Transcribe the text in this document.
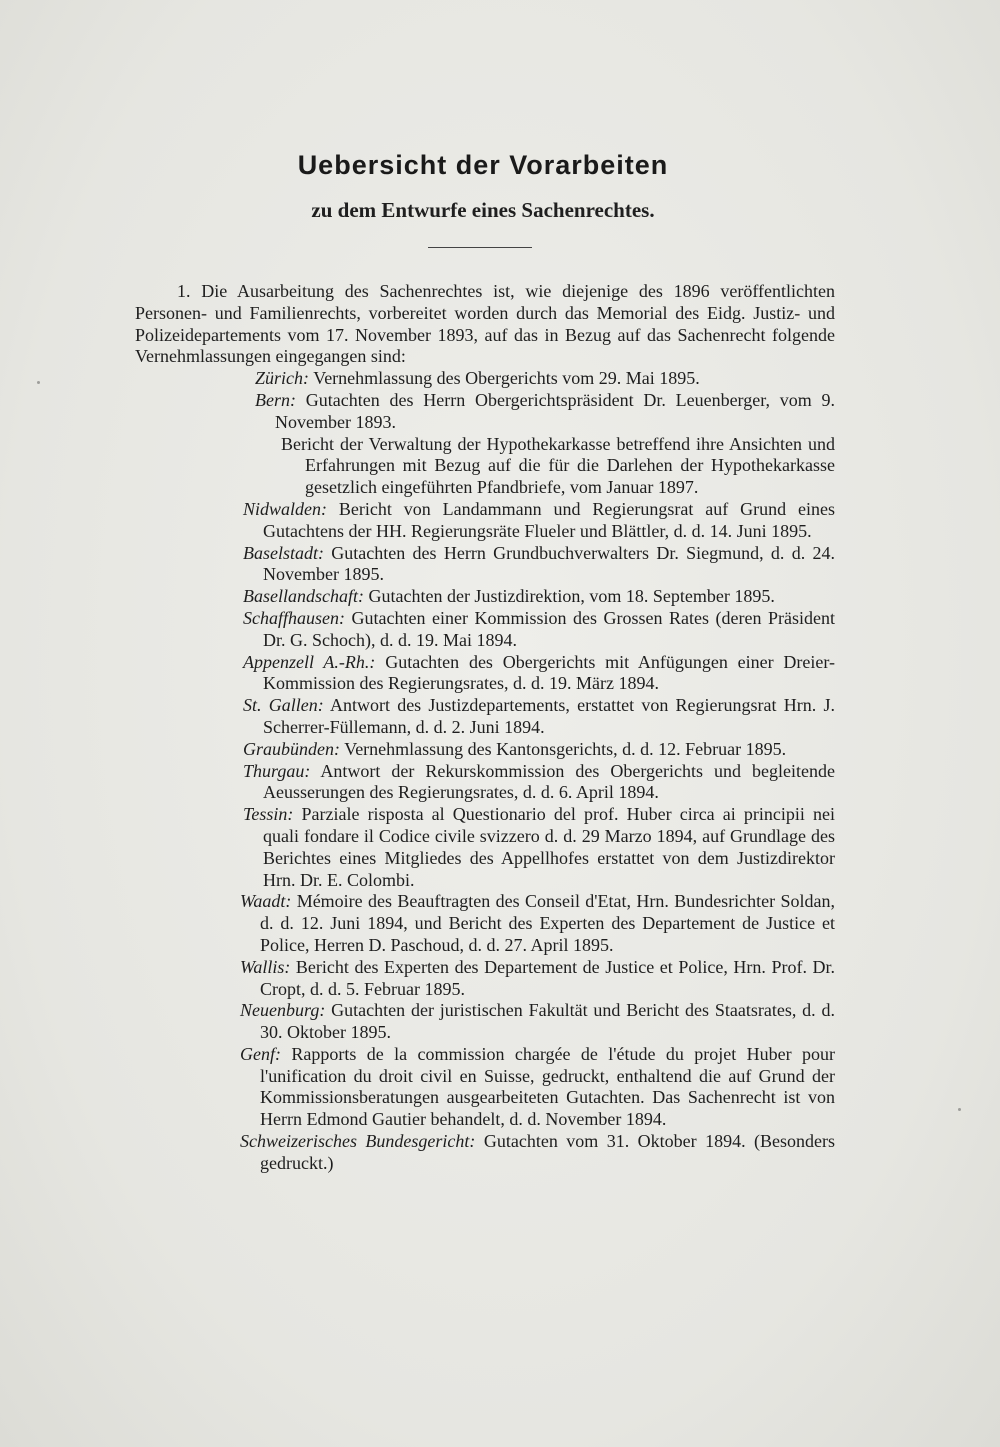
Uebersicht der Vorarbeiten
zu dem Entwurfe eines Sachenrechtes.

1. Die Ausarbeitung des Sachenrechtes ist, wie diejenige des 1896 veröffentlichten Personen- und Familienrechts, vorbereitet worden durch das Memorial des Eidg. Justiz- und Polizeidepartements vom 17. November 1893, auf das in Bezug auf das Sachenrecht folgende Vernehmlassungen eingegangen sind:

Zürich: Vernehmlassung des Obergerichts vom 29. Mai 1895.
Bern: Gutachten des Herrn Obergerichtspräsident Dr. Leuenberger, vom 9. November 1893.
Bericht der Verwaltung der Hypothekarkasse betreffend ihre Ansichten und Erfahrungen mit Bezug auf die für die Darlehen der Hypothekarkasse gesetzlich eingeführten Pfandbriefe, vom Januar 1897.
Nidwalden: Bericht von Landammann und Regierungsrat auf Grund eines Gutachtens der HH. Regierungsräte Flueler und Blättler, d. d. 14. Juni 1895.
Baselstadt: Gutachten des Herrn Grundbuchverwalters Dr. Siegmund, d. d. 24. November 1895.
Basellandschaft: Gutachten der Justizdirektion, vom 18. September 1895.
Schaffhausen: Gutachten einer Kommission des Grossen Rates (deren Präsident Dr. G. Schoch), d. d. 19. Mai 1894.
Appenzell A.-Rh.: Gutachten des Obergerichts mit Anfügungen einer Dreier-Kommission des Regierungsrates, d. d. 19. März 1894.
St. Gallen: Antwort des Justizdepartements, erstattet von Regierungsrat Hrn. J. Scherrer-Füllemann, d. d. 2. Juni 1894.
Graubünden: Vernehmlassung des Kantonsgerichts, d. d. 12. Februar 1895.
Thurgau: Antwort der Rekurskommission des Obergerichts und begleitende Aeusserungen des Regierungsrates, d. d. 6. April 1894.
Tessin: Parziale risposta al Questionario del prof. Huber circa ai principii nei quali fondare il Codice civile svizzero d. d. 29 Marzo 1894, auf Grundlage des Berichtes eines Mitgliedes des Appellhofes erstattet von dem Justizdirektor Hrn. Dr. E. Colombi.
Waadt: Mémoire des Beauftragten des Conseil d'Etat, Hrn. Bundesrichter Soldan, d. d. 12. Juni 1894, und Bericht des Experten des Departement de Justice et Police, Herren D. Paschoud, d. d. 27. April 1895.
Wallis: Bericht des Experten des Departement de Justice et Police, Hrn. Prof. Dr. Cropt, d. d. 5. Februar 1895.
Neuenburg: Gutachten der juristischen Fakultät und Bericht des Staatsrates, d. d. 30. Oktober 1895.
Genf: Rapports de la commission chargée de l'étude du projet Huber pour l'unification du droit civil en Suisse, gedruckt, enthaltend die auf Grund der Kommissionsberatungen ausgearbeiteten Gutachten. Das Sachenrecht ist von Herrn Edmond Gautier behandelt, d. d. November 1894.
Schweizerisches Bundesgericht: Gutachten vom 31. Oktober 1894. (Besonders gedruckt.)
